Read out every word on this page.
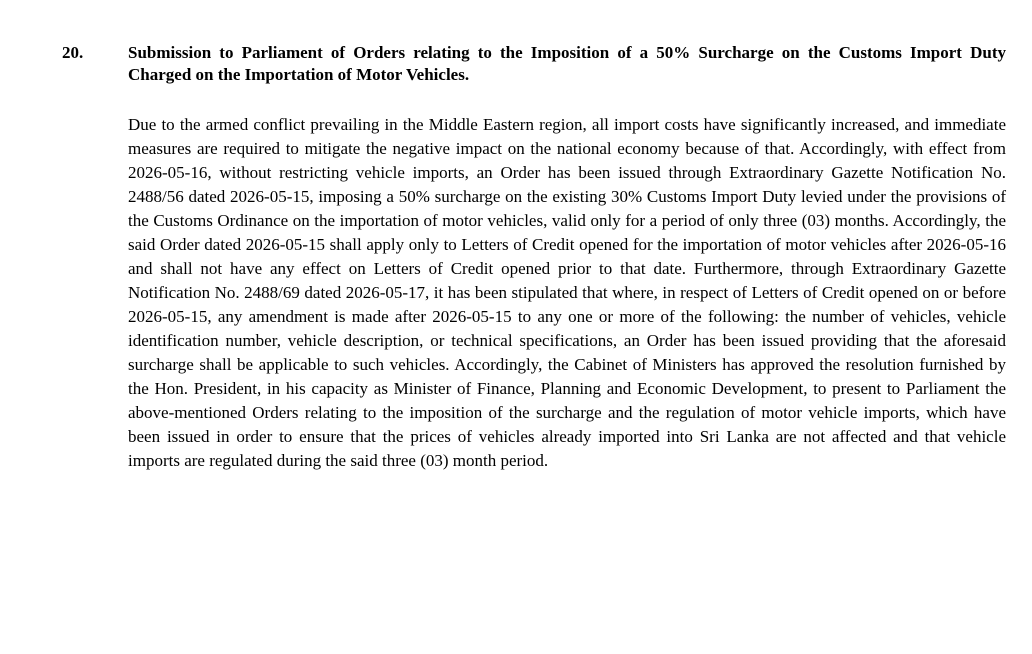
20.	Submission to Parliament of Orders relating to the Imposition of a 50% Surcharge on the Customs Import Duty Charged on the Importation of Motor Vehicles.
Due to the armed conflict prevailing in the Middle Eastern region, all import costs have significantly increased, and immediate measures are required to mitigate the negative impact on the national economy because of that. Accordingly, with effect from 2026-05-16, without restricting vehicle imports, an Order has been issued through Extraordinary Gazette Notification No. 2488/56 dated 2026-05-15, imposing a 50% surcharge on the existing 30% Customs Import Duty levied under the provisions of the Customs Ordinance on the importation of motor vehicles, valid only for a period of only three (03) months. Accordingly, the said Order dated 2026-05-15 shall apply only to Letters of Credit opened for the importation of motor vehicles after 2026-05-16 and shall not have any effect on Letters of Credit opened prior to that date. Furthermore, through Extraordinary Gazette Notification No. 2488/69 dated 2026-05-17, it has been stipulated that where, in respect of Letters of Credit opened on or before 2026-05-15, any amendment is made after 2026-05-15 to any one or more of the following: the number of vehicles, vehicle identification number, vehicle description, or technical specifications, an Order has been issued providing that the aforesaid surcharge shall be applicable to such vehicles. Accordingly, the Cabinet of Ministers has approved the resolution furnished by the Hon. President, in his capacity as Minister of Finance, Planning and Economic Development, to present to Parliament the above-mentioned Orders relating to the imposition of the surcharge and the regulation of motor vehicle imports, which have been issued in order to ensure that the prices of vehicles already imported into Sri Lanka are not affected and that vehicle imports are regulated during the said three (03) month period.
